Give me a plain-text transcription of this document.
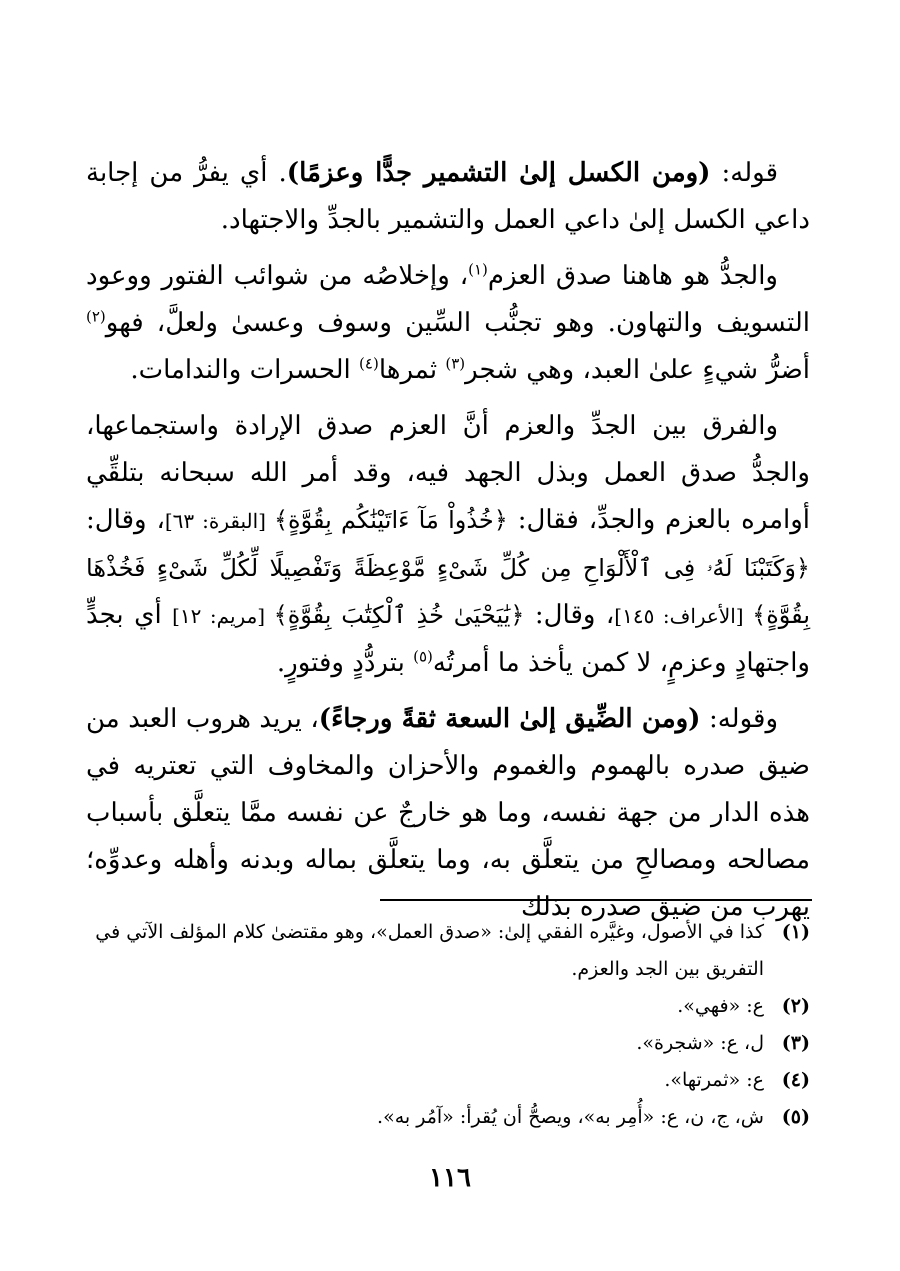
قوله: (ومن الكسل إلىٰ التشمير جدًّا وعزمًا). أي يفرُّ من إجابة داعي الكسل إلىٰ داعي العمل والتشمير بالجدِّ والاجتهاد.

والجدُّ هو هاهنا صدق العزم$^{(١)}$، وإخلاصُه من شوائب الفتور ووعود التسويف والتهاون. وهو تجنُّب السِّين وسوف وعسىٰ ولعلَّ، فهو$^{(٢)}$ أضرُّ شيءٍ علىٰ العبد، وهي شجر$^{(٣)}$ ثمرها$^{(٤)}$ الحسرات والندامات.

والفرق بين الجدِّ والعزم أنَّ العزم صدق الإرادة واستجماعها، والجدُّ صدق العمل وبذل الجهد فيه، وقد أمر الله سبحانه بتلقِّي أوامره بالعزم والجدِّ، فقال: ﴿خُذُواْ مَآ ءَاتَيْنَٰكُم بِقُوَّةٍ﴾ [البقرة: ٦٣]، وقال: ﴿وَكَتَبْنَا لَهُۥ فِى ٱلْأَلْوَاحِ مِن كُلِّ شَىْءٍ مَّوْعِظَةً وَتَفْصِيلًا لِّكُلِّ شَىْءٍ فَخُذْهَا بِقُوَّةٍ﴾ [الأعراف: ١٤٥]، وقال: ﴿يَٰيَحْيَىٰ خُذِ ٱلْكِتَٰبَ بِقُوَّةٍ﴾ [مريم: ١٢] أي بجدٍّ واجتهادٍ وعزمٍ، لا كمن يأخذ ما أمرتُه$^{(٥)}$ بتردُّدٍ وفتورٍ.

وقوله: (ومن الضِّيق إلىٰ السعة ثقةً ورجاءً)، يريد هروب العبد من ضيق صدره بالهموم والغموم والأحزان والمخاوف التي تعتريه في هذه الدار من جهة نفسه، وما هو خارجٌ عن نفسه ممَّا يتعلَّق بأسباب مصالحه ومصالحِ من يتعلَّق به، وما يتعلَّق بماله وبدنه وأهله وعدوِّه؛ يهرب من ضيق صدره بذلك

(١)
كذا في الأصول، وغيَّره الفقي إلىٰ: «صدق العمل»، وهو مقتضىٰ كلام المؤلف الآتي في التفريق بين الجد والعزم.
(٢)
ع: «فهي».
(٣)
ل، ع: «شجرة».
(٤)
ع: «ثمرتها».
(٥)
ش، ج، ن، ع: «أُمِر به»، ويصحُّ أن يُقرأ: «آمُر به».
١١٦
